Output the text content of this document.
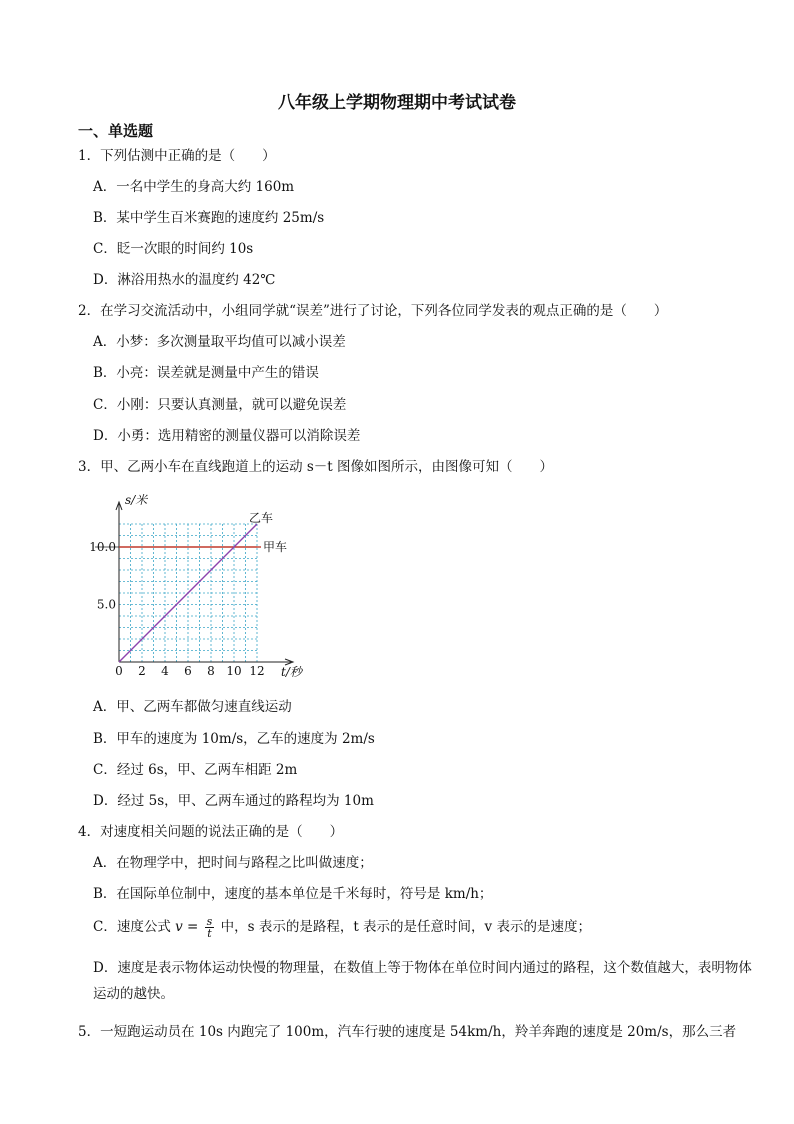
八年级上学期物理期中考试试卷
一、单选题
1．下列估测中正确的是（　　）
A．一名中学生的身高大约 160m
B．某中学生百米赛跑的速度约 25m/s
C．眨一次眼的时间约 10s
D．淋浴用热水的温度约 42℃
2．在学习交流活动中，小组同学就“误差”进行了讨论，下列各位同学发表的观点正确的是（　　）
A．小梦：多次测量取平均值可以减小误差
B．小亮：误差就是测量中产生的错误
C．小刚：只要认真测量，就可以避免误差
D．小勇：选用精密的测量仪器可以消除误差
3．甲、乙两小车在直线跑道上的运动 s－t 图像如图所示，由图像可知（　　）
0 2 4 6 8 10 12
5.0
10.0
s/米
t/秒
乙车
甲车
A．甲、乙两车都做匀速直线运动
B．甲车的速度为 10m/s，乙车的速度为 2m/s
C．经过 6s，甲、乙两车相距 2m
D．经过 5s，甲、乙两车通过的路程均为 10m
4．对速度相关问题的说法正确的是（　　）
A．在物理学中，把时间与路程之比叫做速度；
B．在国际单位制中，速度的基本单位是千米每时，符号是 km/h；
C．速度公式 $v = \frac{s}{t}$ 中，s 表示的是路程，t 表示的是任意时间，v 表示的是速度；
D．速度是表示物体运动快慢的物理量，在数值上等于物体在单位时间内通过的路程，这个数值越大，表明物体运动的越快。
5．一短跑运动员在 10s 内跑完了 100m，汽车行驶的速度是 54km/h，羚羊奔跑的速度是 20m/s，那么三者
